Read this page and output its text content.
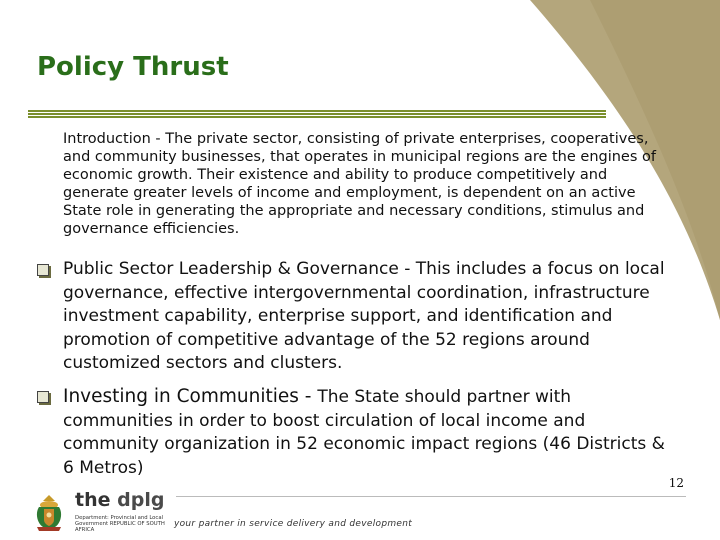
Policy Thrust

Introduction - The private sector, consisting of private enterprises, cooperatives, and community businesses, that operates in municipal regions are the engines of economic growth. Their existence and ability to produce competitively and generate greater levels of income and employment, is dependent on an active State role in generating the appropriate and necessary conditions, stimulus and governance efficiencies.

Public Sector Leadership & Governance - This includes a focus on local governance, effective intergovernmental coordination, infrastructure investment capability, enterprise support, and identification and promotion of competitive advantage of the 52 regions around customized sectors and clusters.
Investing in Communities - The State should partner with communities in order to boost circulation of local income and community organization in 52 economic impact regions (46 Districts & 6 Metros)
the dplg
Department: Provincial and Local Government REPUBLIC OF SOUTH AFRICA
your partner in service delivery and development
12
